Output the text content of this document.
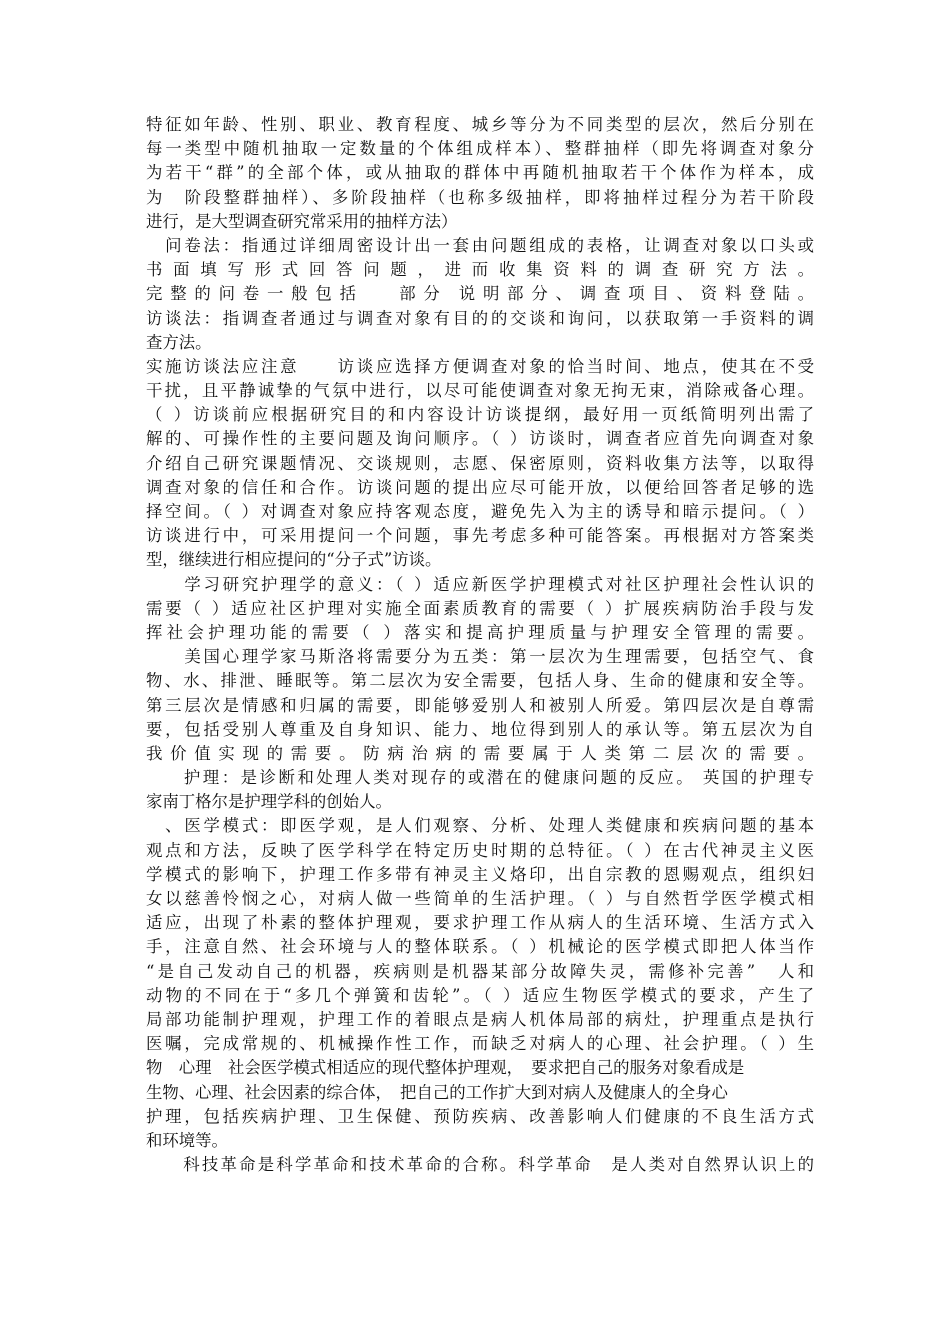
特征如年龄、性别、职业、教育程度、城乡等分为不同类型的层次，然后分别在
每一类型中随机抽取一定数量的个体组成样本）、整群抽样（即先将调查对象分
为若干“群”的全部个体，或从抽取的群体中再随机抽取若干个体作为样本，成
为　阶段整群抽样）、多阶段抽样（也称多级抽样，即将抽样过程分为若干阶段
进行，是大型调查研究常采用的抽样方法）
　问卷法：指通过详细周密设计出一套由问题组成的表格，让调查对象以口头或
书 面 填 写 形 式 回 答 问 题 ， 进 而 收 集 资 料 的 调 查 研 究 方 法 。
完 整 的 问 卷 一 般 包 括 　　部 分　说 明 部 分 、 调 查 项 目 、 资 料 登 陆 。
访谈法：指调查者通过与调查对象有目的的交谈和询问，以获取第一手资料的调
查方法。
实施访谈法应注意　　访谈应选择方便调查对象的恰当时间、地点，使其在不受
干扰，且平静诚挚的气氛中进行，以尽可能使调查对象无拘无束，消除戒备心理。
（ ）访谈前应根据研究目的和内容设计访谈提纲，最好用一页纸简明列出需了
解的、可操作性的主要问题及询问顺序。（ ）访谈时，调查者应首先向调查对象
介绍自己研究课题情况、交谈规则，志愿、保密原则，资料收集方法等，以取得
调查对象的信任和合作。访谈问题的提出应尽可能开放，以便给回答者足够的选
择空间。（ ）对调查对象应持客观态度，避免先入为主的诱导和暗示提问。（ ）
访谈进行中，可采用提问一个问题，事先考虑多种可能答案。再根据对方答案类
型，继续进行相应提问的“分子式”访谈。
　　学习研究护理学的意义：（ ）适应新医学护理模式对社区护理社会性认识的
需要（ ）适应社区护理对实施全面素质教育的需要（ ）扩展疾病防治手段与发
挥社会护理功能的需要（ ）落实和提高护理质量与护理安全管理的需要。
　　美国心理学家马斯洛将需要分为五类：第一层次为生理需要，包括空气、食
物、水、排泄、睡眠等。第二层次为安全需要，包括人身、生命的健康和安全等。
第三层次是情感和归属的需要，即能够爱别人和被别人所爱。第四层次是自尊需
要，包括受别人尊重及自身知识、能力、地位得到别人的承认等。第五层次为自
我 价 值 实 现 的 需 要 。 防 病 治 病 的 需 要 属 于 人 类 第 二 层 次 的 需 要 。
　　护理：是诊断和处理人类对现存的或潜在的健康问题的反应。 英国的护理专
家南丁格尔是护理学科的创始人。
　、医学模式：即医学观，是人们观察、分析、处理人类健康和疾病问题的基本
观点和方法，反映了医学科学在特定历史时期的总特征。（ ）在古代神灵主义医
学模式的影响下，护理工作多带有神灵主义烙印，出自宗教的恩赐观点，组织妇
女以慈善怜悯之心，对病人做一些简单的生活护理。（ ）与自然哲学医学模式相
适应，出现了朴素的整体护理观，要求护理工作从病人的生活环境、生活方式入
手，注意自然、社会环境与人的整体联系。（ ）机械论的医学模式即把人体当作
“是自己发动自己的机器，疾病则是机器某部分故障失灵，需修补完善”　人和
动物的不同在于“多几个弹簧和齿轮”。（ ）适应生物医学模式的要求，产生了
局部功能制护理观，护理工作的着眼点是病人机体局部的病灶，护理重点是执行
医嘱，完成常规的、机械操作性工作，而缺乏对病人的心理、社会护理。（ ）生
物　心理　社会医学模式相适应的现代整体护理观，　要求把自己的服务对象看成是
生物、心理、社会因素的综合体，　把自己的工作扩大到对病人及健康人的全身心
护理，包括疾病护理、卫生保健、预防疾病、改善影响人们健康的不良生活方式
和环境等。
　　科技革命是科学革命和技术革命的合称。科学革命　是人类对自然界认识上的
